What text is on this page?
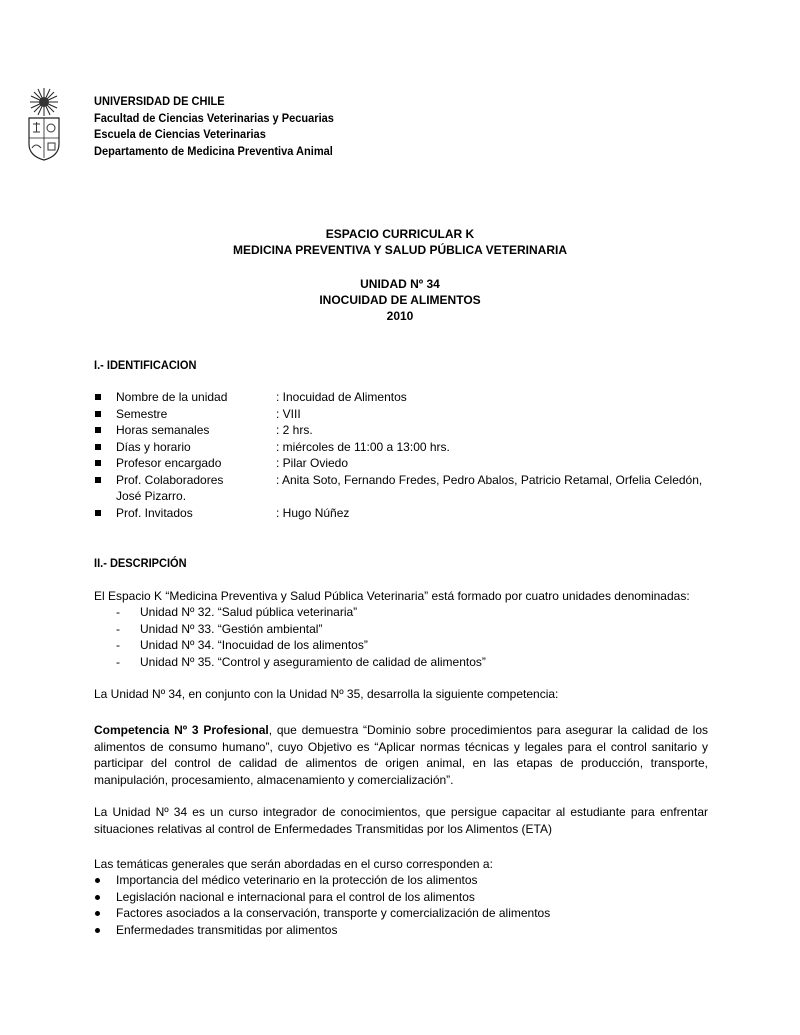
UNIVERSIDAD DE CHILE
Facultad de Ciencias Veterinarias y Pecuarias
Escuela de Ciencias Veterinarias
Departamento de Medicina Preventiva Animal
ESPACIO CURRICULAR K
MEDICINA PREVENTIVA Y SALUD PÚBLICA VETERINARIA
UNIDAD Nº 34
INOCUIDAD DE ALIMENTOS
2010
I.- IDENTIFICACION
Nombre de la unidad	: Inocuidad de Alimentos
Semestre	: VIII
Horas semanales	: 2 hrs.
Días y horario	: miércoles de 11:00 a 13:00 hrs.
Profesor encargado	: Pilar Oviedo
Prof. Colaboradores	: Anita Soto, Fernando Fredes, Pedro Abalos, Patricio Retamal, Orfelia Celedón,
José Pizarro.
Prof. Invitados	: Hugo Núñez
II.- DESCRIPCIÓN
El Espacio K “Medicina Preventiva y Salud Pública Veterinaria” está formado por cuatro unidades denominadas:
- Unidad Nº 32. “Salud pública veterinaria”
- Unidad Nº 33. “Gestión ambiental”
- Unidad Nº 34. “Inocuidad de los alimentos”
- Unidad Nº 35. “Control y aseguramiento de calidad de alimentos”
La Unidad Nº 34, en conjunto con la Unidad Nº 35, desarrolla la siguiente competencia:
Competencia Nº 3 Profesional, que demuestra “Dominio sobre procedimientos para asegurar la calidad de los alimentos de consumo humano”, cuyo Objetivo es “Aplicar normas técnicas y legales para el control sanitario y participar del control de calidad de alimentos de origen animal, en las etapas de producción, transporte, manipulación, procesamiento, almacenamiento y comercialización”.
La Unidad Nº 34 es un curso integrador de conocimientos, que persigue capacitar al estudiante para enfrentar situaciones relativas al control de Enfermedades Transmitidas por los Alimentos (ETA)
Las temáticas generales que serán abordadas en el curso corresponden a:
Importancia del médico veterinario en la protección de los alimentos
Legislación nacional e internacional para el control de los alimentos
Factores asociados a la conservación, transporte y comercialización de alimentos
Enfermedades transmitidas por alimentos
